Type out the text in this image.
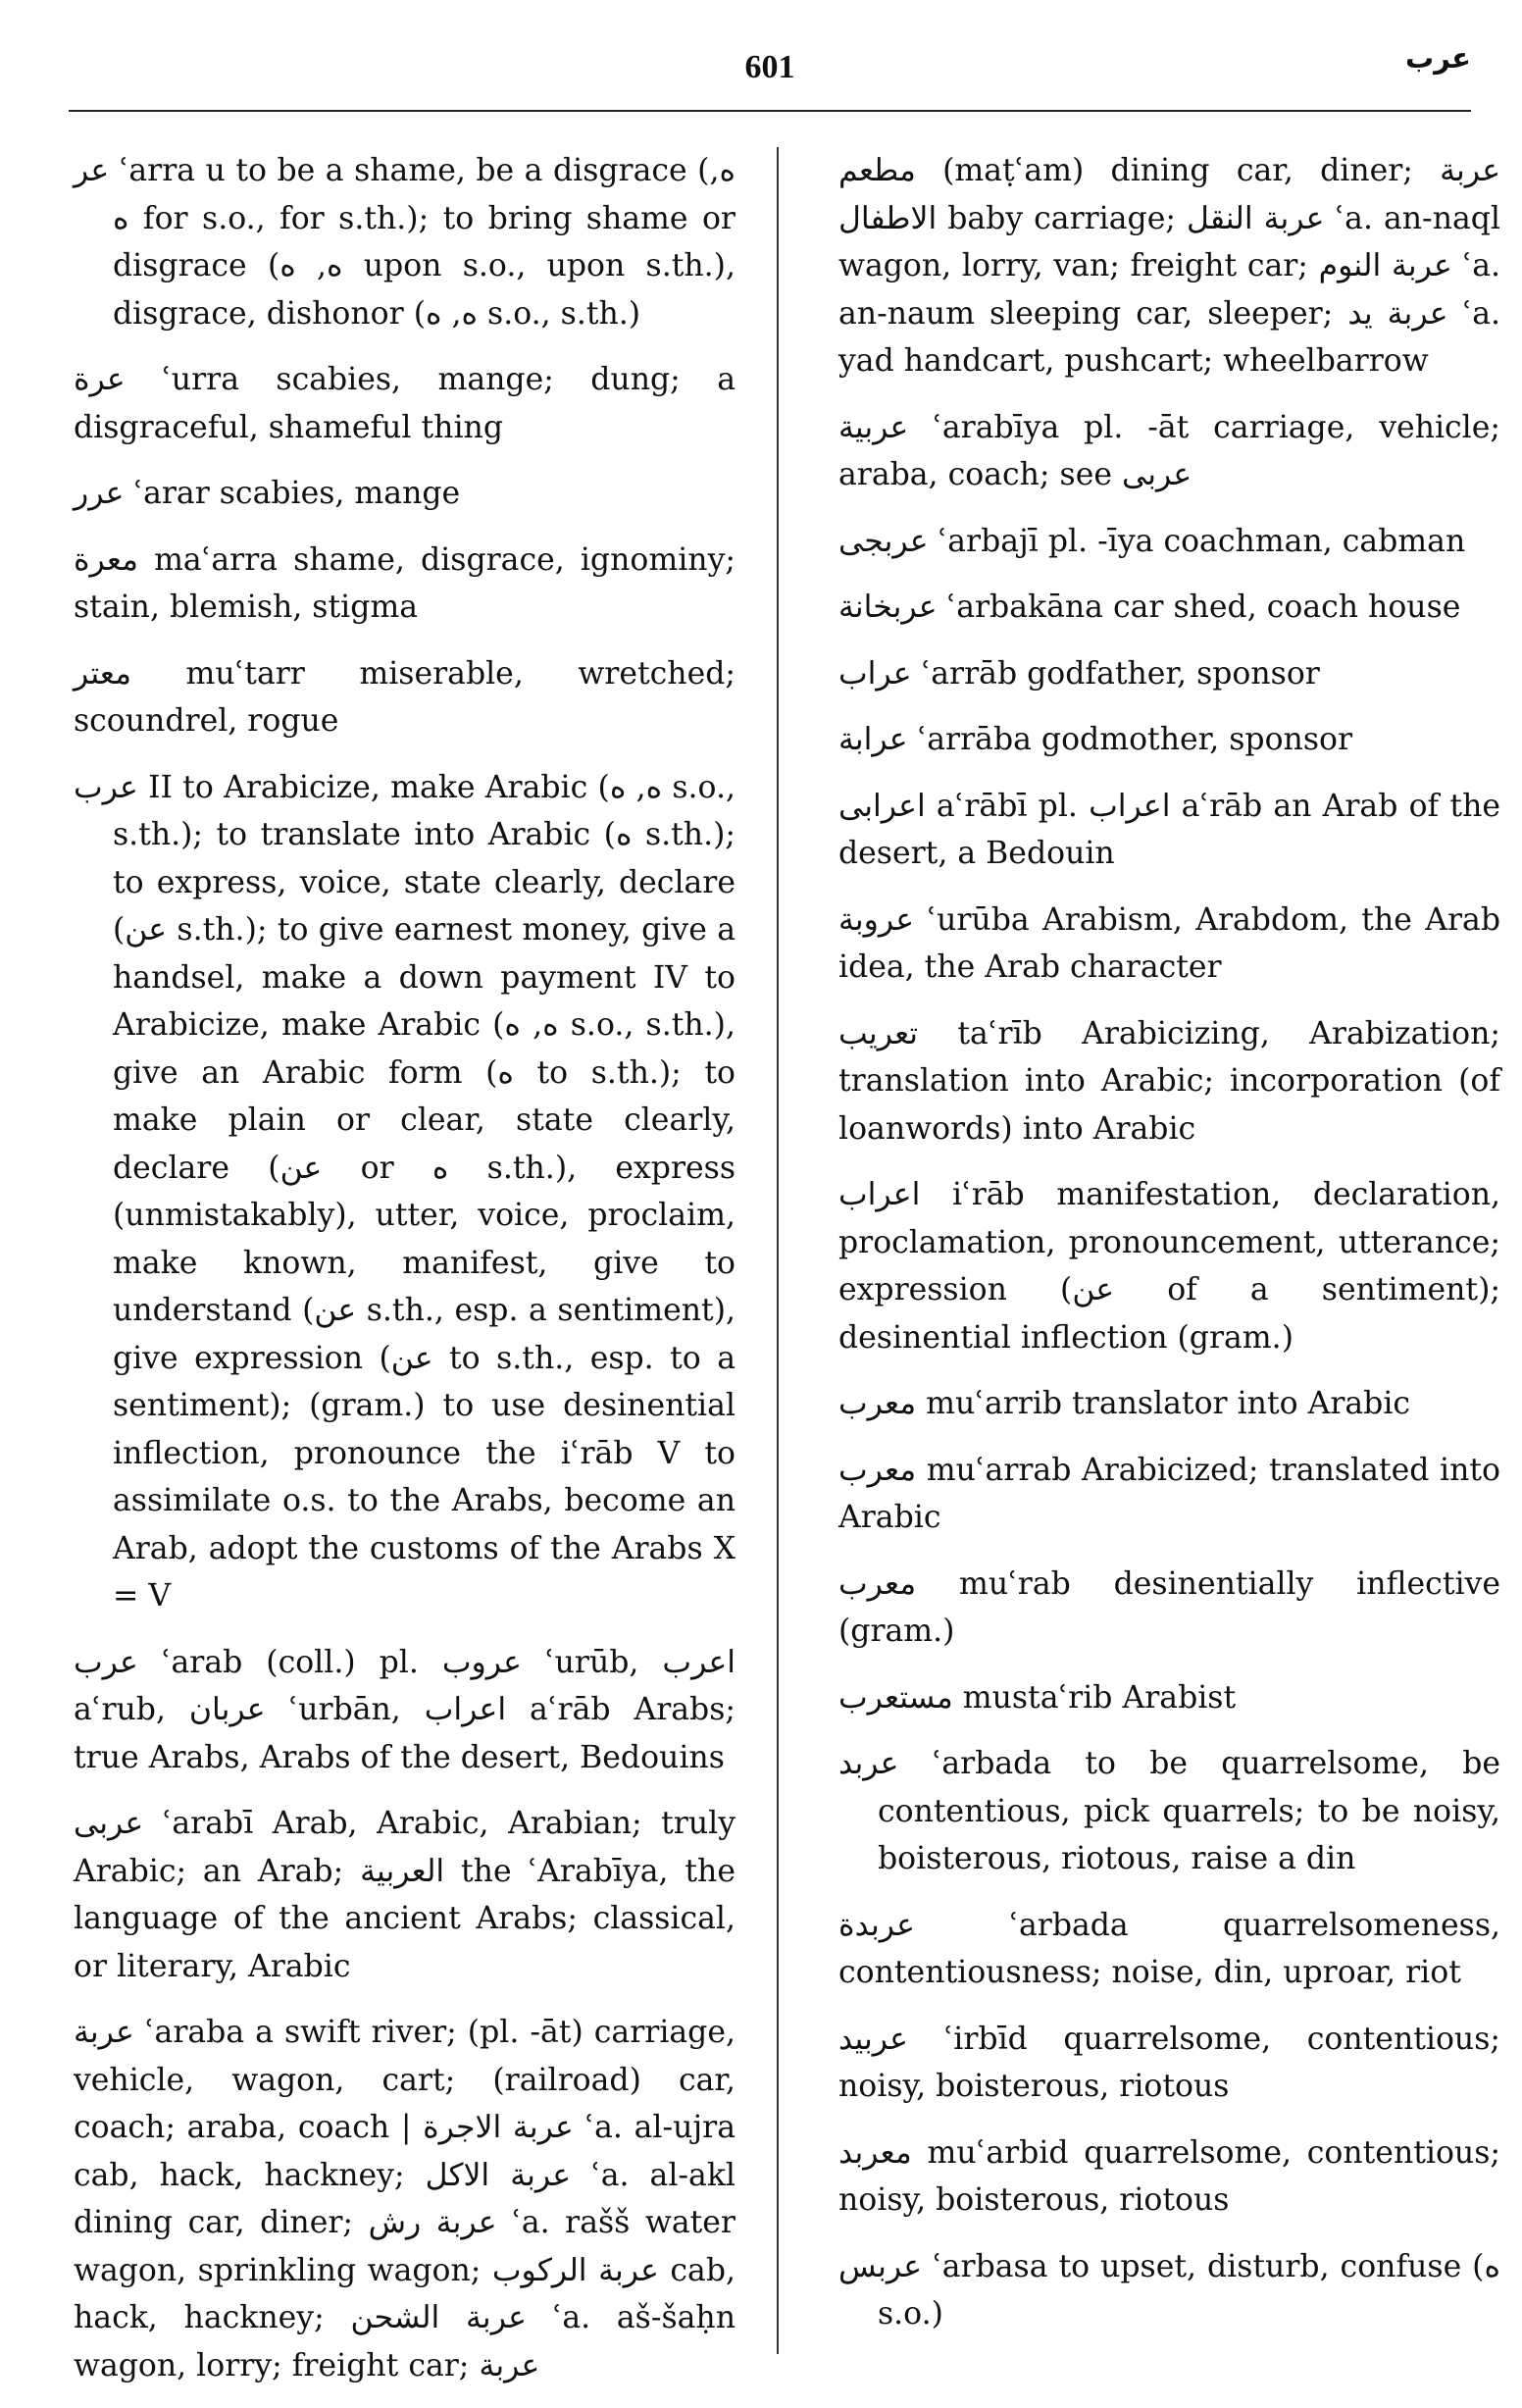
601	عرب
عر ʿarra u to be a shame, be a disgrace (ه, ه for s.o., for s.th.); to bring shame or disgrace (ه, ه upon s.o., upon s.th.), disgrace, dishonor (ه, ه s.o., s.th.)
عرة ʿurra scabies, mange; dung; a disgraceful, shameful thing
عرر ʿarar scabies, mange
معرة maʿarra shame, disgrace, ignominy; stain, blemish, stigma
معتر muʿtarr miserable, wretched; scoundrel, rogue
عرب II to Arabicize, make Arabic (ه, ه s.o., s.th.); to translate into Arabic (ه s.th.); to express, voice, state clearly, declare (عن s.th.); to give earnest money, give a handsel, make a down payment IV to Arabicize, make Arabic (ه, ه s.o., s.th.), give an Arabic form (ه to s.th.); to make plain or clear, state clearly, declare (عن or ه s.th.), express (unmistakably), utter, voice, proclaim, make known, manifest, give to understand (عن s.th., esp. a sentiment), give expression (عن to s.th., esp. to a sentiment); (gram.) to use desinential inflection, pronounce the iʿrāb V to assimilate o.s. to the Arabs, become an Arab, adopt the customs of the Arabs X = V
عرب ʿarab (coll.) pl. عروب ʿurūb, اعرب aʿrub, عربان ʿurbān, اعراب aʿrāb Arabs; true Arabs, Arabs of the desert, Bedouins
عربى ʿarabī Arab, Arabic, Arabian; truly Arabic; an Arab; العربية the ʿArabīya, the language of the ancient Arabs; classical, or literary, Arabic
عربة ʿaraba a swift river; (pl. -āt) carriage, vehicle, wagon, cart; (railroad) car, coach; araba, coach | عربة الاجرة ʿa. al-ujra cab, hack, hackney; عربة الاكل ʿa. al-akl dining car, diner; عربة رش ʿa. rašš water wagon, sprinkling wagon; عربة الركوب cab, hack, hackney; عربة الشحن ʿa. aš-šaḥn wagon, lorry; freight car; عربة
مطعم (maṭʿam) dining car, diner; عربة الاطفال baby carriage; عربة النقل ʿa. an-naql wagon, lorry, van; freight car; عربة النوم ʿa. an-naum sleeping car, sleeper; عربة يد ʿa. yad handcart, pushcart; wheelbarrow
عربية ʿarabīya pl. -āt carriage, vehicle; araba, coach; see عربى
عربجى ʿarbajī pl. -īya coachman, cabman
عربخانة ʿarbakāna car shed, coach house
عراب ʿarrāb godfather, sponsor
عرابة ʿarrāba godmother, sponsor
اعرابى aʿrābī pl. اعراب aʿrāb an Arab of the desert, a Bedouin
عروبة ʿurūba Arabism, Arabdom, the Arab idea, the Arab character
تعريب taʿrīb Arabicizing, Arabization; translation into Arabic; incorporation (of loanwords) into Arabic
اعراب iʿrāb manifestation, declaration, proclamation, pronouncement, utterance; expression (عن of a sentiment); desinential inflection (gram.)
معرب muʿarrib translator into Arabic
معرب muʿarrab Arabicized; translated into Arabic
معرب muʿrab desinentially inflective (gram.)
مستعرب mustaʿrib Arabist
عربد ʿarbada to be quarrelsome, be contentious, pick quarrels; to be noisy, boisterous, riotous, raise a din
عربدة ʿarbada quarrelsomeness, contentiousness; noise, din, uproar, riot
عربيد ʿirbīd quarrelsome, contentious; noisy, boisterous, riotous
معربد muʿarbid quarrelsome, contentious; noisy, boisterous, riotous
عربس ʿarbasa to upset, disturb, confuse (ه s.o.)
